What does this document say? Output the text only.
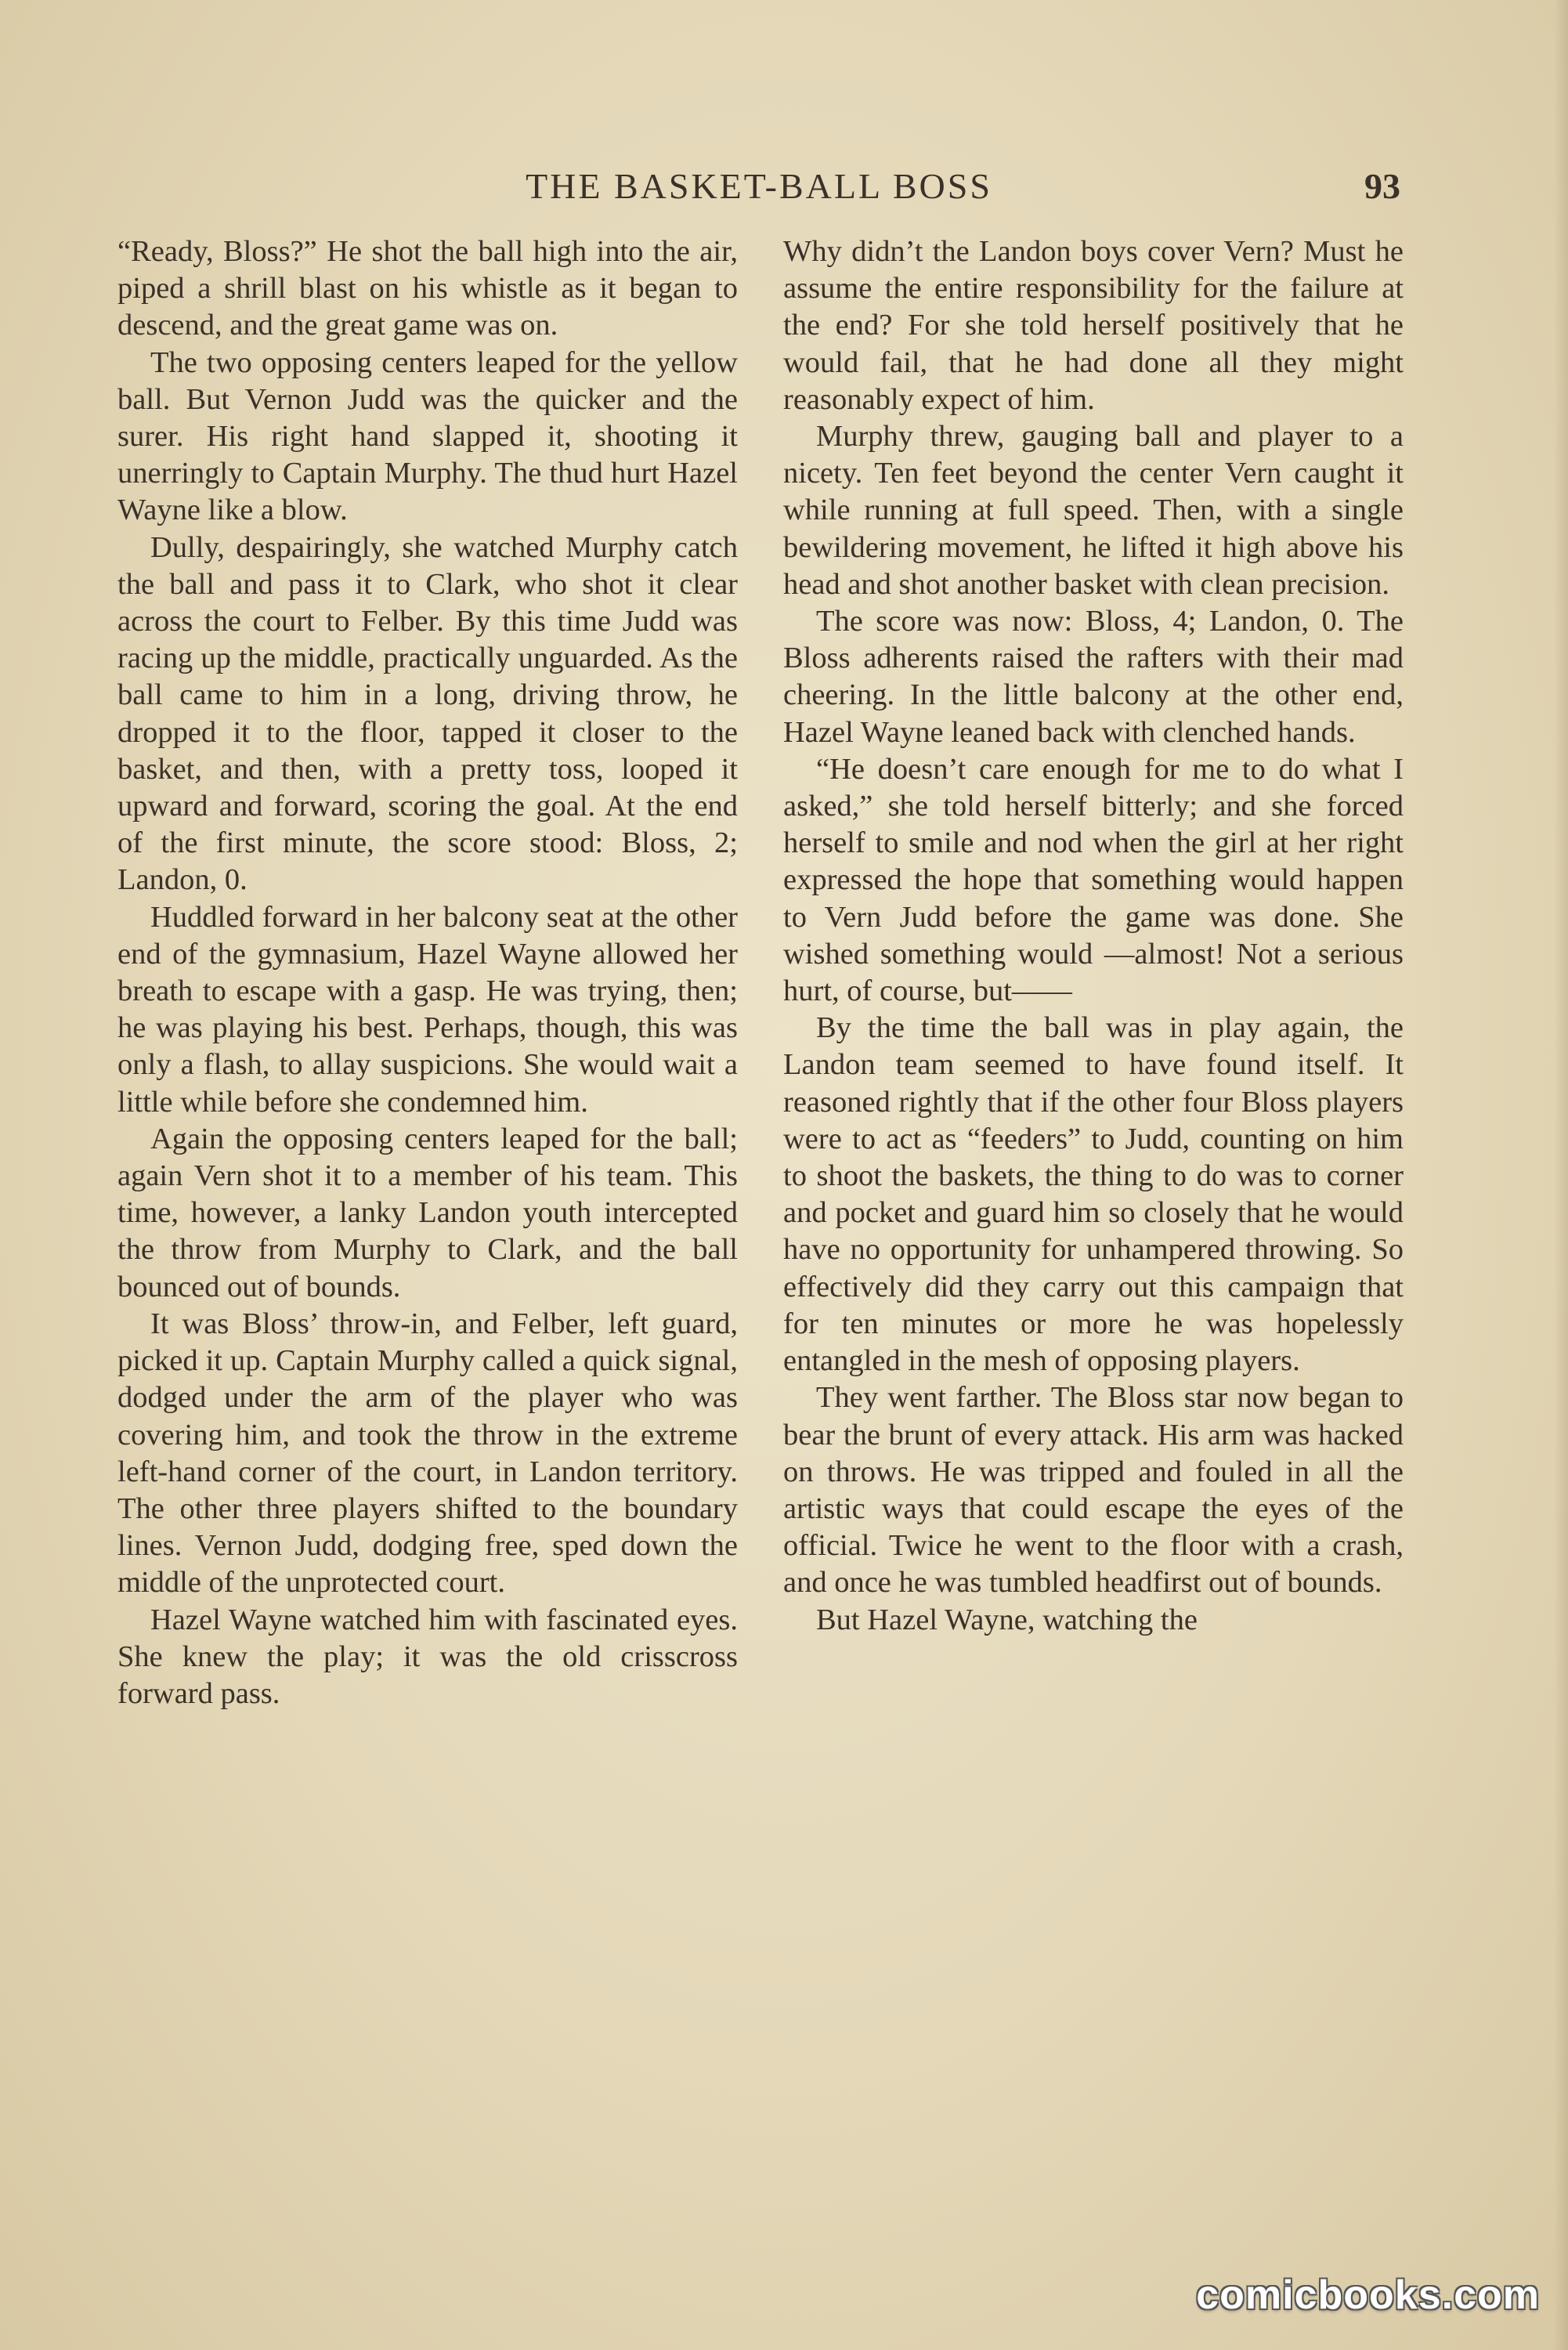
THE BASKET-BALL BOSS	93

“Ready, Bloss?” He shot the ball high into the air, piped a shrill blast on his whistle as it began to descend, and the great game was on.

The two opposing centers leaped for the yellow ball. But Vernon Judd was the quicker and the surer. His right hand slapped it, shooting it unerringly to Captain Murphy. The thud hurt Hazel Wayne like a blow.

Dully, despairingly, she watched Murphy catch the ball and pass it to Clark, who shot it clear across the court to Felber. By this time Judd was racing up the middle, practically unguarded. As the ball came to him in a long, driving throw, he dropped it to the floor, tapped it closer to the basket, and then, with a pretty toss, looped it upward and forward, scoring the goal. At the end of the first minute, the score stood: Bloss, 2; Landon, 0.

Huddled forward in her balcony seat at the other end of the gymnasium, Hazel Wayne allowed her breath to escape with a gasp. He was trying, then; he was playing his best. Perhaps, though, this was only a flash, to allay suspicions. She would wait a little while before she condemned him.

Again the opposing centers leaped for the ball; again Vern shot it to a member of his team. This time, however, a lanky Landon youth intercepted the throw from Murphy to Clark, and the ball bounced out of bounds.

It was Bloss’ throw-in, and Felber, left guard, picked it up. Captain Murphy called a quick signal, dodged under the arm of the player who was covering him, and took the throw in the extreme left-hand corner of the court, in Landon territory. The other three players shifted to the boundary lines. Vernon Judd, dodging free, sped down the middle of the unprotected court.

Hazel Wayne watched him with fascinated eyes. She knew the play; it was the old crisscross forward pass.

Why didn’t the Landon boys cover Vern? Must he assume the entire responsibility for the failure at the end? For she told herself positively that he would fail, that he had done all they might reasonably expect of him.

Murphy threw, gauging ball and player to a nicety. Ten feet beyond the center Vern caught it while running at full speed. Then, with a single bewildering movement, he lifted it high above his head and shot another basket with clean precision.

The score was now: Bloss, 4; Landon, 0. The Bloss adherents raised the rafters with their mad cheering. In the little balcony at the other end, Hazel Wayne leaned back with clenched hands.

“He doesn’t care enough for me to do what I asked,” she told herself bitterly; and she forced herself to smile and nod when the girl at her right expressed the hope that something would happen to Vern Judd before the game was done. She wished something would —almost! Not a serious hurt, of course, but——

By the time the ball was in play again, the Landon team seemed to have found itself. It reasoned rightly that if the other four Bloss players were to act as “feeders” to Judd, counting on him to shoot the baskets, the thing to do was to corner and pocket and guard him so closely that he would have no opportunity for unhampered throwing. So effectively did they carry out this campaign that for ten minutes or more he was hopelessly entangled in the mesh of opposing players.

They went farther. The Bloss star now began to bear the brunt of every attack. His arm was hacked on throws. He was tripped and fouled in all the artistic ways that could escape the eyes of the official. Twice he went to the floor with a crash, and once he was tumbled headfirst out of bounds.

But Hazel Wayne, watching the

comicbooks.com
